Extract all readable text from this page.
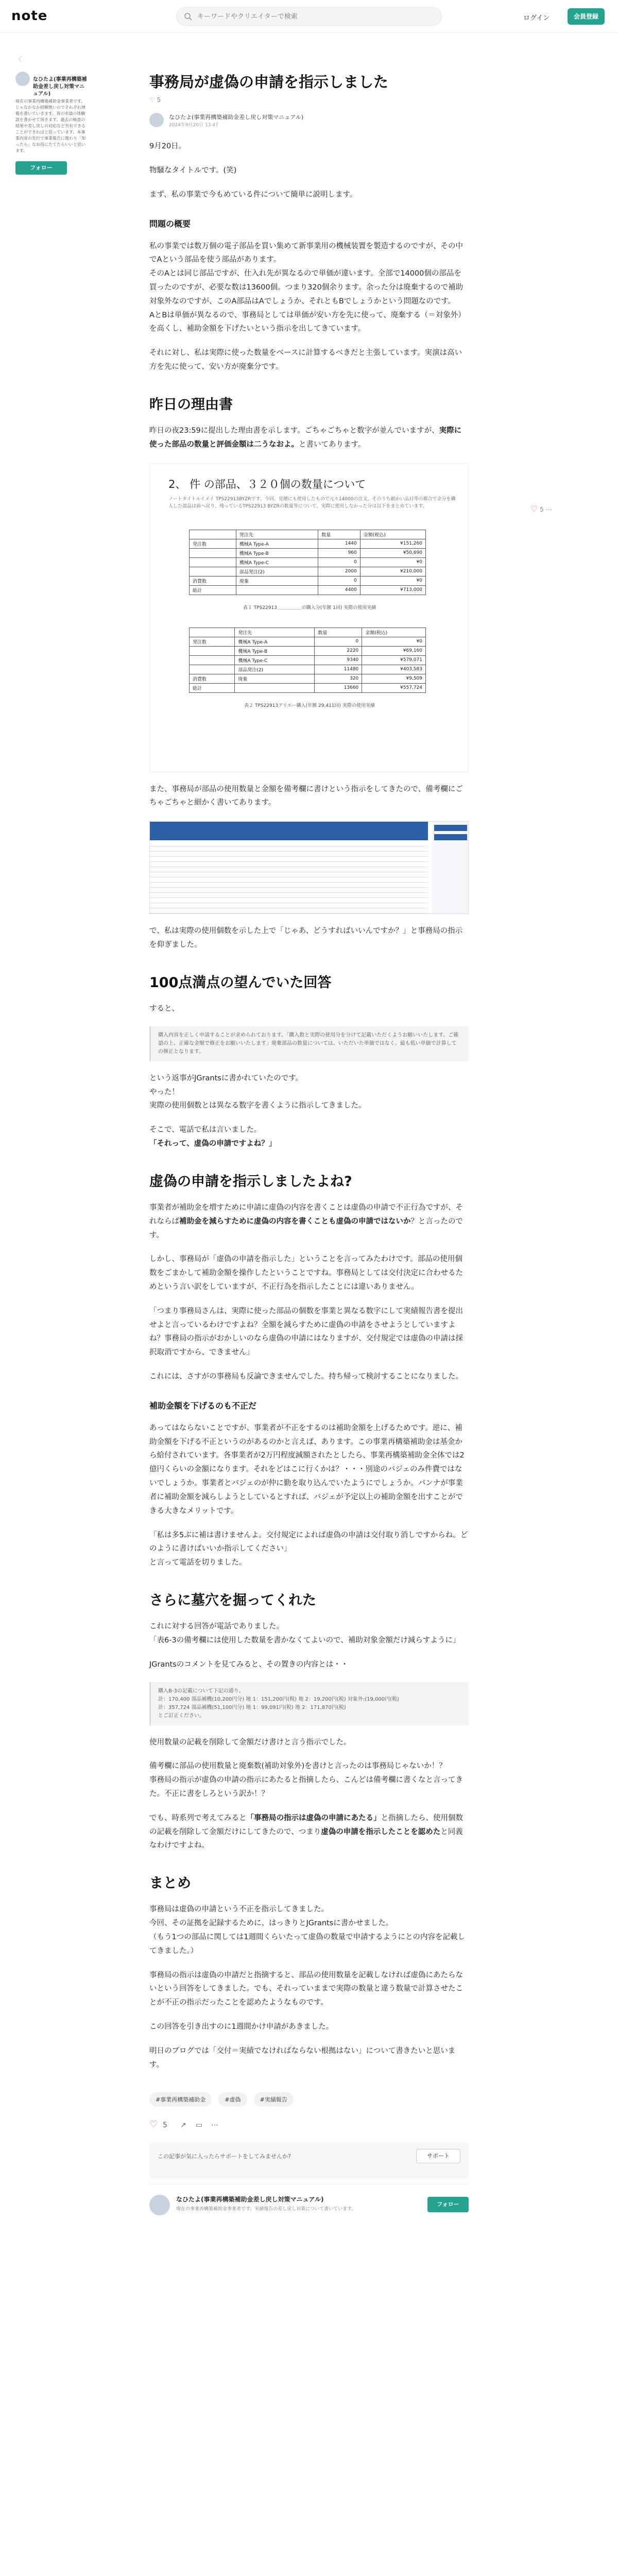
note
キーワードやクリエイターで検索	ログイン	会員登録
〈
なひたよ(事業再構築補助金差し戻し対策マニュアル)
現在の事業再構築補助金事業者です。じゃなかなか経験無いのでそれぞれ情報を書いていきます。皆の申請の体験談を書かせて頂きます。過去の検査の結果や差し戻しの対応など共有できることができればと思っています。本事業内容の先行で事業報告に関わり「知ったら」なお役にたてたらいいと思います。
フォロー
♡ 5 ⋯
事務局が虚偽の申請を指示しました
♡ 5
なひたよ(事業再構築補助金差し戻し対策マニュアル)
2024年9月20日 13:47

9月20日。

物騒なタイトルです。(笑)

まず、私の事業で今もめている件について簡単に説明します。

問題の概要

私の事業では数万個の電子部品を買い集めて新事業用の機械装置を製造するのですが、その中でAという部品を使う部品があります。

そのAとは同じ部品ですが、仕入れ先が異なるので単価が違います。全部で14000個の部品を買ったのですが、必要な数は13600個。つまり320個余ります。余った分は廃棄するので補助対象外なのですが、このA部品はAでしょうか、それともBでしょうかという問題なのです。

AとBは単価が異なるので、事務局としては単価が安い方を先に使って、廃棄する（＝対象外）を高くし、補助金額を下げたいという指示を出してきています。

それに対し、私は実際に使った数量をベースに計算するべきだと主張しています。実演は高い方を先に使って、安い方が廃棄分です。

昨日の理由書

昨日の夜23:59に提出した理由書を示します。ごちゃごちゃと数字が並んでいますが、実際に使った部品の数量と評価金額は二うなおよ。と書いてあります。

2、 件 の部品、３２０個の数量について
ノートタイトルイメイ TPS22913BYZRです。今回、見積にも使用したもので元々14000の注文。そのうち細かい品目等の都合で余分を購入した部品は前へ戻り、残っているTPS22913 BYZRの数量等について、実際に使用しなかった分は以下をまとめています。
	発注先	数量	金額(税込)
発注数	機械A Type-A	1440	¥151,260
	機械A Type-B	960	¥50,690
	機械A Type-C	0	¥0
	部品発注(2)	2000	¥210,000
消費数	廃棄	0	¥0
総計		4400	¥713,000
表１ TPS22913 ＿＿＿＿＿の購入分(年額 1回) 実際の使用実績
	発注先	数量	金額(税込)
発注数	機械A Type-A	0	¥0
	機械A Type-B	2220	¥69,160
	機械A Type-C	9340	¥579,071
	部品発注(2)	11480	¥403,583
消費数	廃棄	320	¥9,509
総計		13660	¥557,724
表２ TPS22913アリエー購入(年額 29,411回) 実際の使用実績

また、事務局が部品の使用数量と金額を備考欄に書けという指示をしてきたので、備考欄にごちゃごちゃと細かく書いてあります。

で、私は実際の使用個数を示した上で「じゃあ、どうすればいいんですか？」と事務局の指示を仰ぎました。

100点満点の望んでいた回答

すると、

購入内容を正しく申請することが求められております。「購入数と実際の使用分を分けて記載いただくようお願いいたします。ご確認の上、正確な金額で修正をお願いいたします」廃棄部品の数量については、いただいた単価ではなく、最も低い単価で計算しての修正となります。

という返事がJGrantsに書かれていたのです。

やった！

実際の使用個数とは異なる数字を書くように指示してきました。

そこで、電話で私は言いました。

「それって、虚偽の申請ですよね？」

虚偽の申請を指示しましたよね?

事業者が補助金を増すために申請に虚偽の内容を書くことは虚偽の申請で不正行為ですが、それならば補助金を減らすために虚偽の内容を書くことも虚偽の申請ではないか？と言ったのです。

しかし、事務局が「虚偽の申請を指示した」ということを言ってみたわけです。部品の使用個数をごまかして補助金額を操作したということですね。事務局としては交付決定に合わせるためという言い訳をしていますが、不正行為を指示したことには違いありません。

「つまり事務局さんは、実際に使った部品の個数を事業と異なる数字にして実績報告書を提出せよと言っているわけですよね？全額を減らすために虚偽の申請をさせようとしていますよね？事務局の指示がおかしいのなら虚偽の申請にはなりますが、交付規定では虚偽の申請は採択取消ですから、できません」

これには、さすがの事務局も反論できませんでした。持ち帰って検討することになりました。

補助金額を下げるのも不正だ

あってはならないことですが、事業者が不正をするのは補助金額を上げるためです。逆に、補助金額を下げる不正というのがあるのかと言えば、あります。この事業再構築補助金は基金から給付されています。各事業者が2万円程度減額されたとしたら、事業再構築補助金全体では2億円くらいの金額になります。それをどはこに行くかは？・・・別途のバジェのみ件費ではないでしょうか。事業者とバジェのが仲に勤を取り込んでいたようにでしょうか。パンナが事業者に補助金額を減らしようとしているとすれば、バジェが予定以上の補助金額を出すことができる大きなメリットです。

「私は多5ぶに補は書けませんよ。交付規定によれば虚偽の申請は交付取り消しですからね。どのように書けばいいか指示してください」

と言って電話を切りました。

さらに墓穴を掘ってくれた

これに対する回答が電話でありました。

「表6-3の備考欄には使用した数量を書かなくてよいので、補助対象金額だけ減らすように」

JGrantsのコメントを見てみると、その置きの内容とは・・

購入B-3の記載について下記の通り。
計：170,400 部品補機(10,200円分) 地 1：151,200円(税) 地 2：19,200円(税) 対象外:(19,000円(税)
計：357,724 部品補機(51,100円分) 地 1：99,091円(税) 地 2：171,870円(税)
とご訂正ください。

使用数量の記載を削除して金額だけ書けと言う指示でした。

備考欄に部品の使用数量と廃棄数(補助対象外)を書けと言ったのは事務局じゃないか！？

事務局の指示が虚偽の申請の指示にあたると指摘したら、こんどは備考欄に書くなと言ってきた。不正に書をしろという訳か！？

でも、時系列で考えてみると「事務局の指示は虚偽の申請にあたる」と指摘したら、使用個数の記載を削除して金額だけにしてきたので、つまり虚偽の申請を指示したことを認めたと同義なわけですよね。

まとめ

事務局は虚偽の申請という不正を指示してきました。

今回、その証拠を記録するために、はっきりとJGrantsに書かせました。

（もう1つの部品に関しては1週間くらいたって虚偽の数量で申請するようにとの内容を記載してきました。）

事務局の指示は虚偽の申請だと指摘すると、部品の使用数量を記載しなければ虚偽にあたらないという回答をしてきました。でも、それっていままで実際の数量と違う数量で計算させたことが不正の指示だったことを認めたようなものです。

この回答を引き出すのに1週間かけ申請があきました。

明日のブログでは「交付＝実績でなければならない根拠はない」について書きたいと思います。

#事業再構築補助金	#虚偽	#実績報告
♡ 5 ↗ ▭ ⋯
この記事が気に入ったらサポートをしてみませんか?	サポート
なひたよ(事業再構築補助金差し戻し対策マニュアル)
現在の事業再構築補助金事業者です。実績報告の差し戻し対策について書いています。
フォロー
